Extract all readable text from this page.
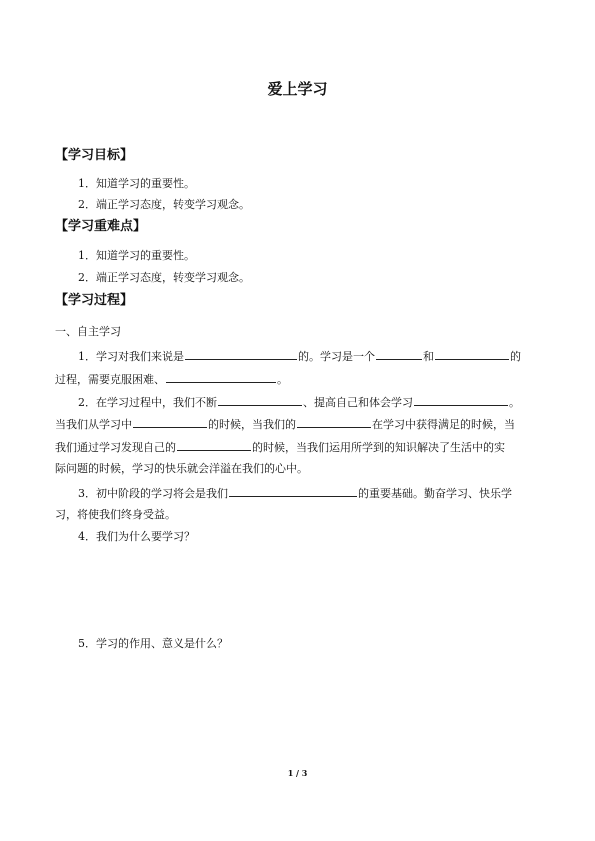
爱上学习
【学习目标】
1．知道学习的重要性。
2．端正学习态度，转变学习观念。
【学习重难点】
1．知道学习的重要性。
2．端正学习态度，转变学习观念。
【学习过程】
一、自主学习
1．学习对我们来说是	的。学习是一个	和	的
过程，需要克服困难、	。
2．在学习过程中，我们不断	、提高自己和体会学习	。
当我们从学习中	的时候，当我们的	在学习中获得满足的时候，当
我们通过学习发现自己的	的时候，当我们运用所学到的知识解决了生活中的实
际问题的时候，学习的快乐就会洋溢在我们的心中。
3．初中阶段的学习将会是我们	的重要基础。勤奋学习、快乐学
习，将使我们终身受益。
4．我们为什么要学习？
5．学习的作用、意义是什么？
1 / 3
